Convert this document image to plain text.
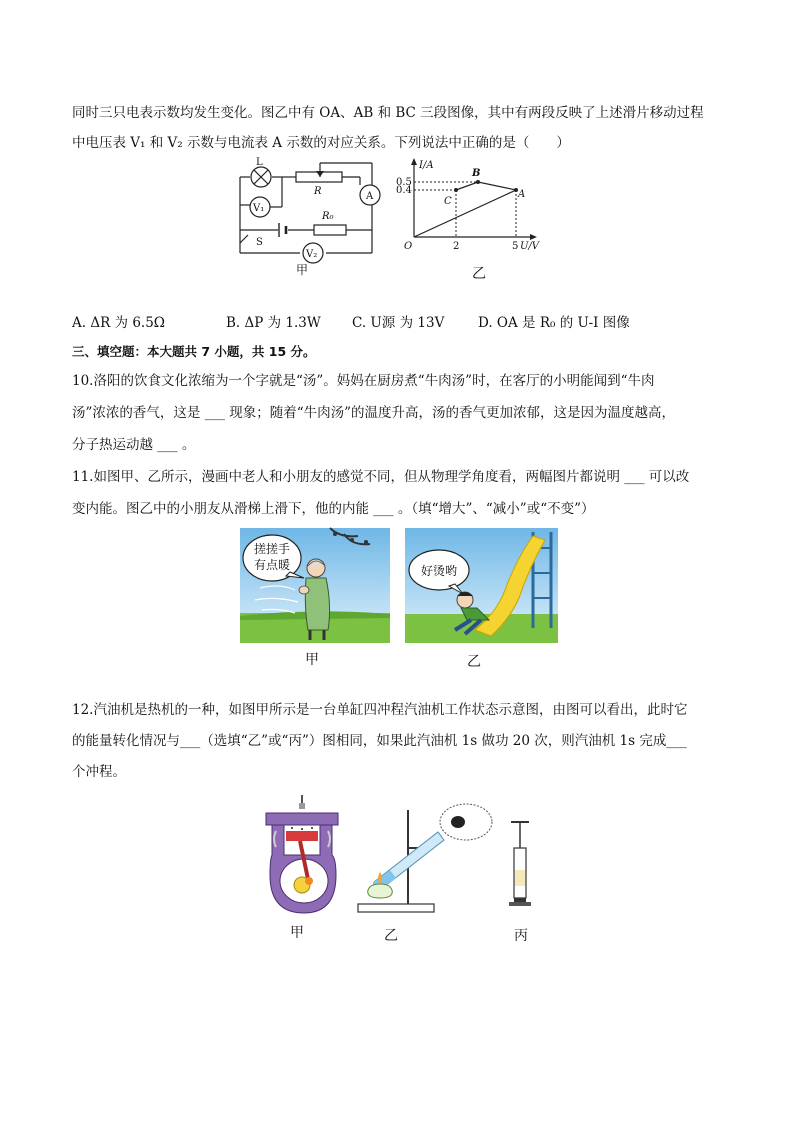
同时三只电表示数均发生变化。图乙中有 OA、AB 和 BC 三段图像，其中有两段反映了上述滑片移动过程
中电压表 V₁ 和 V₂ 示数与电流表 A 示数的对应关系。下列说法中正确的是（　　）
L
R	A
V₁
R₀
S
V₂
甲
I/A
0.5
0.4
O	2	5 U/V
B
A
C
乙
A. ΔR 为 6.5Ω	B. ΔP 为 1.3W C. U源 为 13V D. OA 是 R₀ 的 U-I 图像
三、填空题：本大题共 7 小题，共 15 分。
10.洛阳的饮食文化浓缩为一个字就是“汤”。妈妈在厨房煮“牛肉汤”时，在客厅的小明能闻到“牛肉
汤”浓浓的香气，这是 ___ 现象；随着“牛肉汤”的温度升高，汤的香气更加浓郁，这是因为温度越高，
分子热运动越 ___ 。
11.如图甲、乙所示，漫画中老人和小朋友的感觉不同，但从物理学角度看，两幅图片都说明 ___ 可以改
变内能。图乙中的小朋友从滑梯上滑下，他的内能 ___ 。（填“增大”、“减小”或“不变”）
搓搓手
有点暖
甲
好烫哟
乙
12.汽油机是热机的一种，如图甲所示是一台单缸四冲程汽油机工作状态示意图，由图可以看出，此时它
的能量转化情况与___（选填“乙”或“丙”）图相同，如果此汽油机 1s 做功 20 次，则汽油机 1s 完成___
个冲程。
甲	乙	丙
